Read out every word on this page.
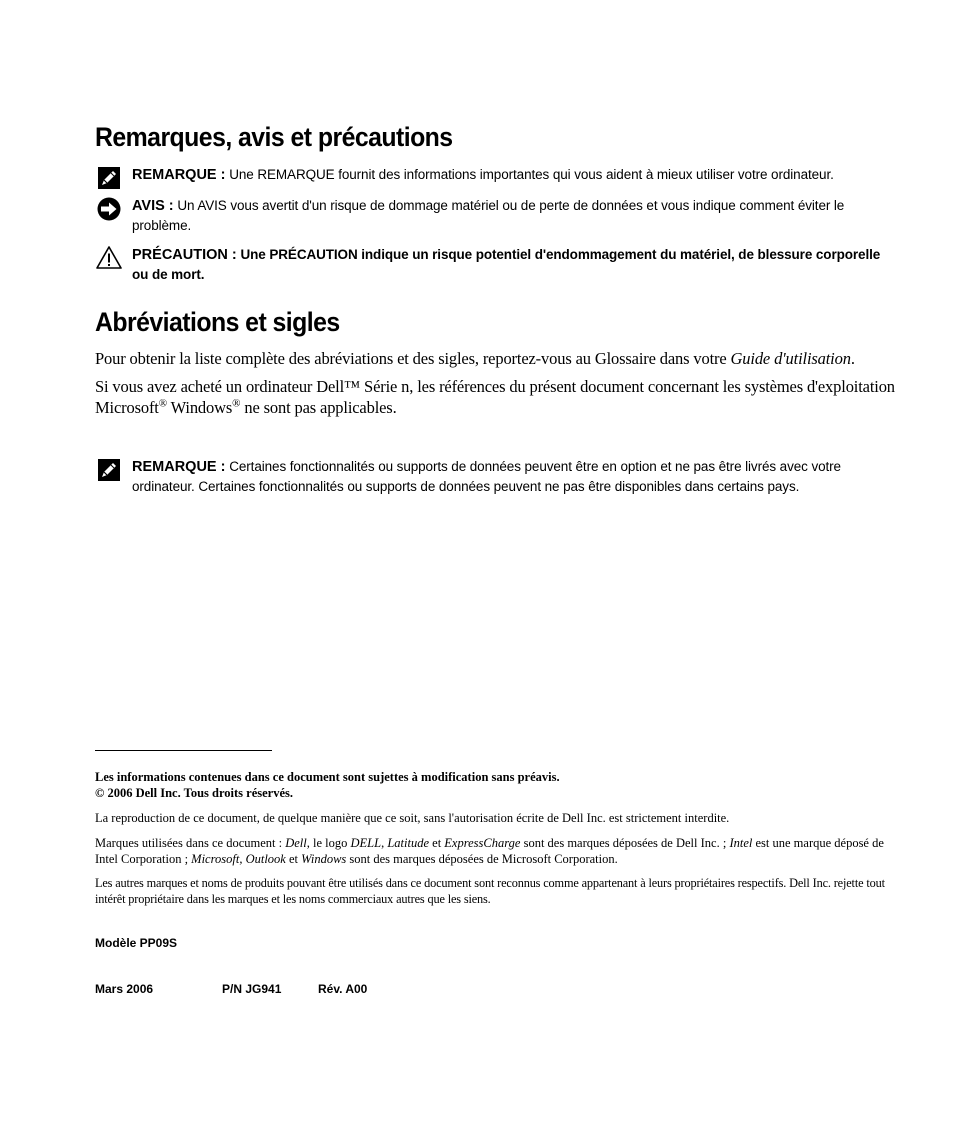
Remarques, avis et précautions
REMARQUE : Une REMARQUE fournit des informations importantes qui vous aident à mieux utiliser votre ordinateur.
AVIS : Un AVIS vous avertit d'un risque de dommage matériel ou de perte de données et vous indique comment éviter le problème.
PRÉCAUTION : Une PRÉCAUTION indique un risque potentiel d'endommagement du matériel, de blessure corporelle ou de mort.
Abréviations et sigles

Pour obtenir la liste complète des abréviations et des sigles, reportez-vous au Glossaire dans votre Guide d'utilisation.

Si vous avez acheté un ordinateur Dell™ Série n, les références du présent document concernant les systèmes d'exploitation Microsoft® Windows® ne sont pas applicables.

REMARQUE : Certaines fonctionnalités ou supports de données peuvent être en option et ne pas être livrés avec votre ordinateur. Certaines fonctionnalités ou supports de données peuvent ne pas être disponibles dans certains pays.
Les informations contenues dans ce document sont sujettes à modification sans préavis.
© 2006 Dell Inc. Tous droits réservés.
La reproduction de ce document, de quelque manière que ce soit, sans l'autorisation écrite de Dell Inc. est strictement interdite.
Marques utilisées dans ce document : Dell, le logo DELL, Latitude et ExpressCharge sont des marques déposées de Dell Inc. ; Intel est une marque déposé de Intel Corporation ; Microsoft, Outlook et Windows sont des marques déposées de Microsoft Corporation.
Les autres marques et noms de produits pouvant être utilisés dans ce document sont reconnus comme appartenant à leurs propriétaires respectifs. Dell Inc. rejette tout intérêt propriétaire dans les marques et les noms commerciaux autres que les siens.
Modèle PP09S
Mars 2006	P/N JG941	Rév. A00
